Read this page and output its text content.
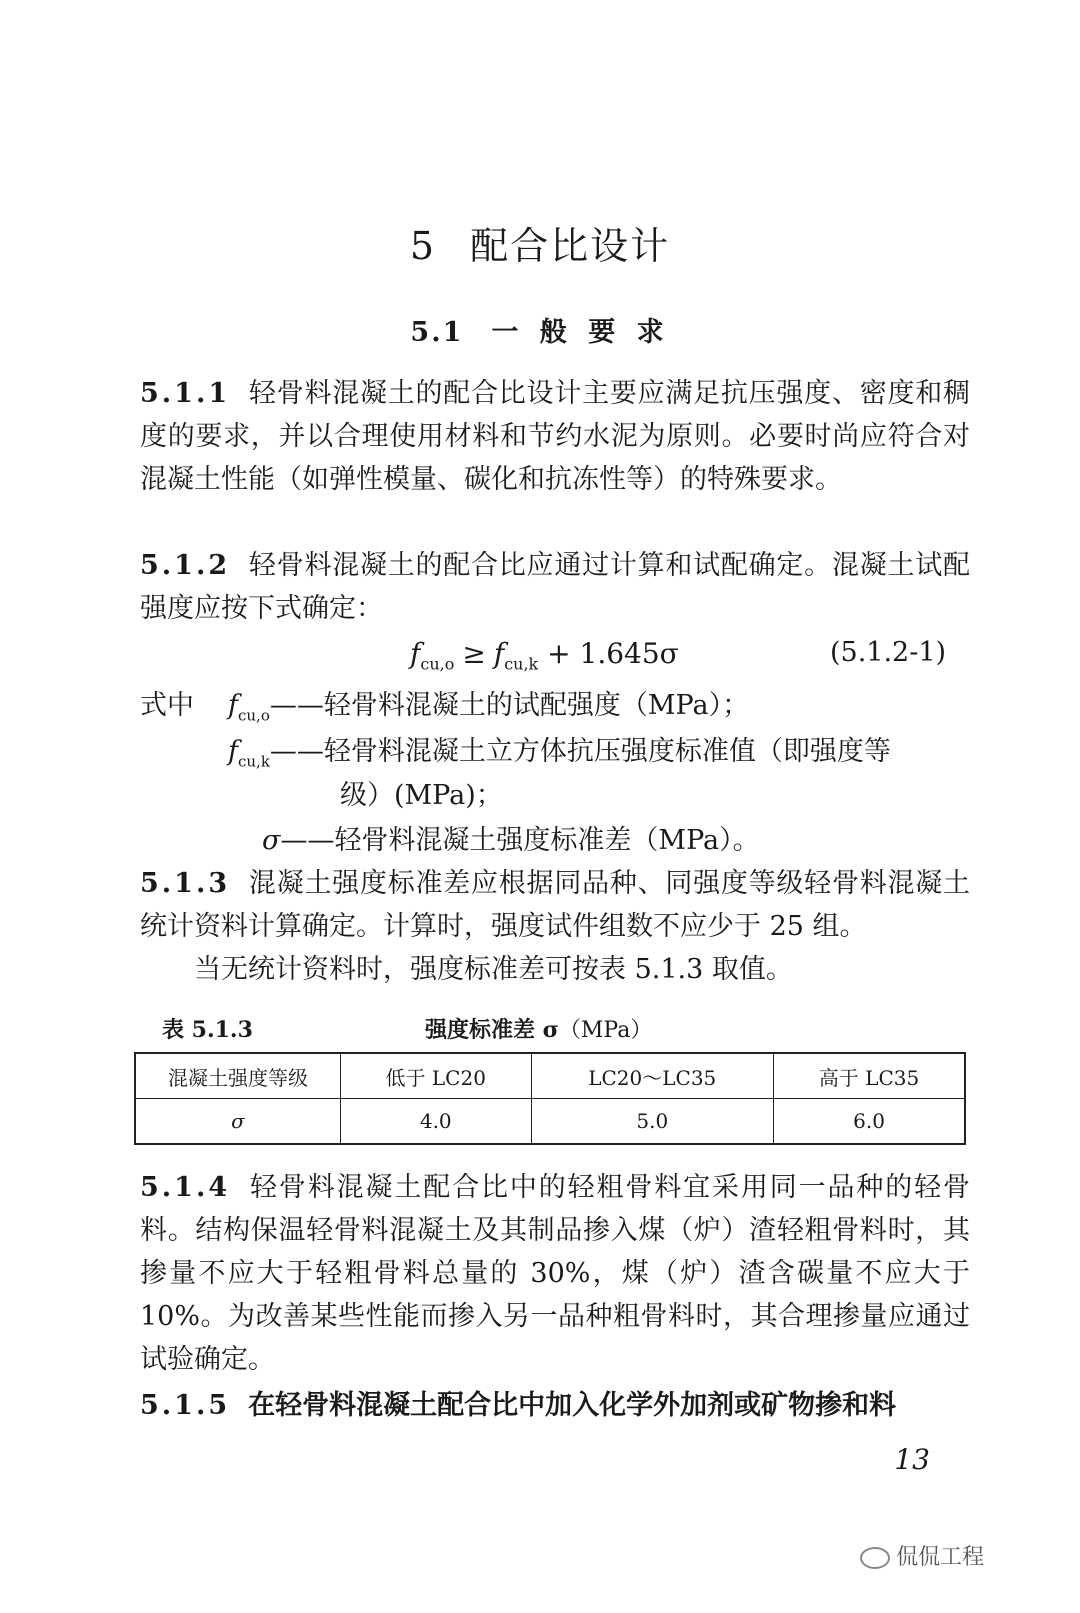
5 配合比设计
5.1 一 般 要 求
5.1.1 轻骨料混凝土的配合比设计主要应满足抗压强度、密度和稠度的要求，并以合理使用材料和节约水泥为原则。必要时尚应符合对混凝土性能（如弹性模量、碳化和抗冻性等）的特殊要求。
5.1.2 轻骨料混凝土的配合比应通过计算和试配确定。混凝土试配强度应按下式确定：
$f_{cu,o} \ge f_{cu,k} + 1.645\sigma$	(5.1.2-1)
式中 $f_{cu,o}——$轻骨料混凝土的试配强度（MPa）；
$f_{cu,k}——$轻骨料混凝土立方体抗压强度标准值（即强度等
级）(MPa)；
σ——轻骨料混凝土强度标准差（MPa）。
5.1.3 混凝土强度标准差应根据同品种、同强度等级轻骨料混凝土统计资料计算确定。计算时，强度试件组数不应少于 25 组。
当无统计资料时，强度标准差可按表 5.1.3 取值。
表 5.1.3	强度标准差 σ（MPa）
混凝土强度等级	低于 LC20	LC20～LC35	高于 LC35
σ	4.0	5.0	6.0
5.1.4 轻骨料混凝土配合比中的轻粗骨料宜采用同一品种的轻骨料。结构保温轻骨料混凝土及其制品掺入煤（炉）渣轻粗骨料时，其掺量不应大于轻粗骨料总量的 30%，煤（炉）渣含碳量不应大于 10%。为改善某些性能而掺入另一品种粗骨料时，其合理掺量应通过试验确定。
5.1.5 在轻骨料混凝土配合比中加入化学外加剂或矿物掺和料
13
侃侃工程
